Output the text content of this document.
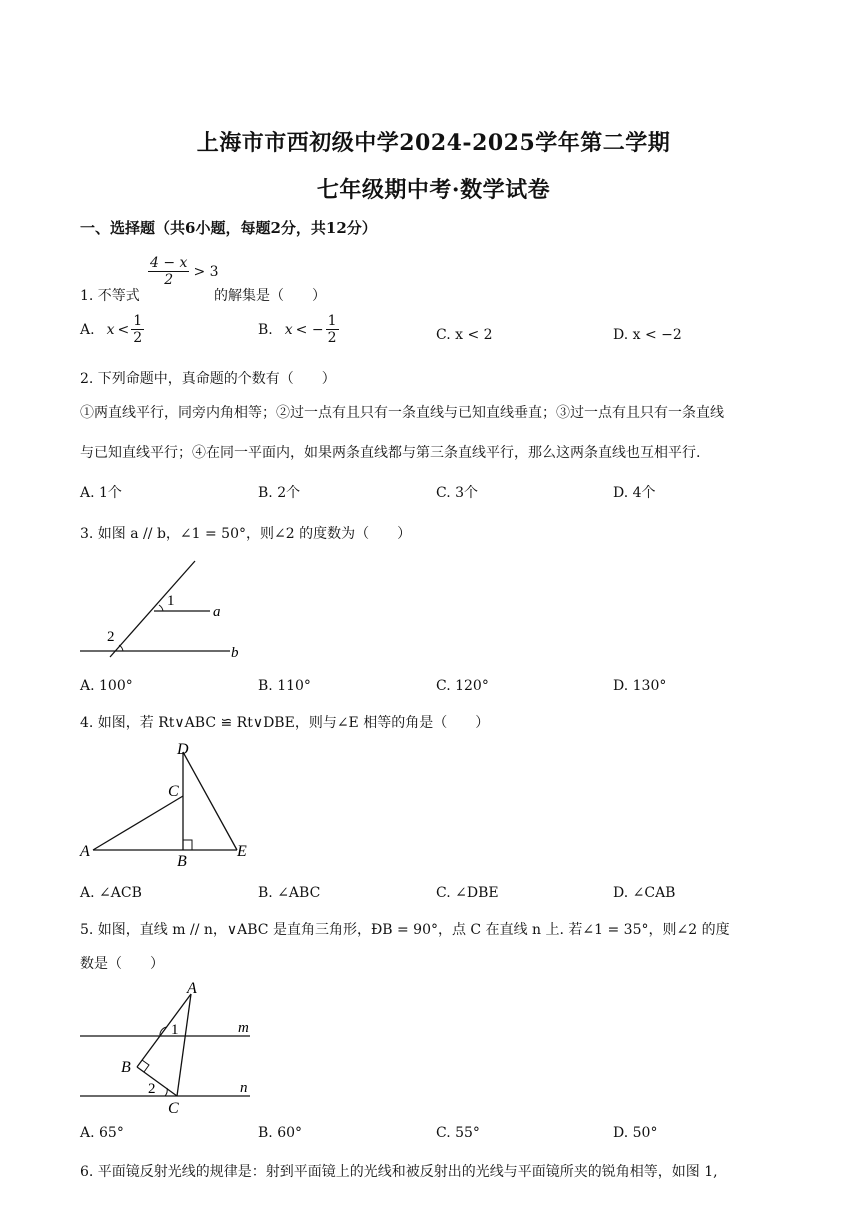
上海市市西初级中学2024-2025学年第二学期
七年级期中考·数学试卷
一、选择题（共6小题，每题2分，共12分）
$\frac{4 - x}{2} > 3$
1. 不等式	的解集是（　　）
A. $x < \frac{1}{2}$	B. x < − $\frac{1}{2}$	C. x < 2	D. x < −2
2. 下列命题中，真命题的个数有（　　）
①两直线平行，同旁内角相等；②过一点有且只有一条直线与已知直线垂直；③过一点有且只有一条直线
与已知直线平行；④在同一平面内，如果两条直线都与第三条直线平行，那么这两条直线也互相平行.
A. 1个	B. 2个	C. 3个	D. 4个
3. 如图 a // b，∠1 = 50°，则∠2 的度数为（　　）
1
2
a
b
A. 100°	B. 110°	C. 120°	D. 130°
4. 如图，若 Rt∨ABC ≌ Rt∨DBE，则与∠E 相等的角是（　　）
D
C
A
B
E
A. ∠ACB	B. ∠ABC	C. ∠DBE	D. ∠CAB
5. 如图，直线 m // n，∨ABC 是直角三角形，ÐB = 90°，点 C 在直线 n 上. 若∠1 = 35°，则∠2 的度
数是（　　）
A
1	m
B
2	n
C
A. 65°	B. 60°	C. 55°	D. 50°
6. 平面镜反射光线的规律是：射到平面镜上的光线和被反射出的光线与平面镜所夹的锐角相等，如图 1,
